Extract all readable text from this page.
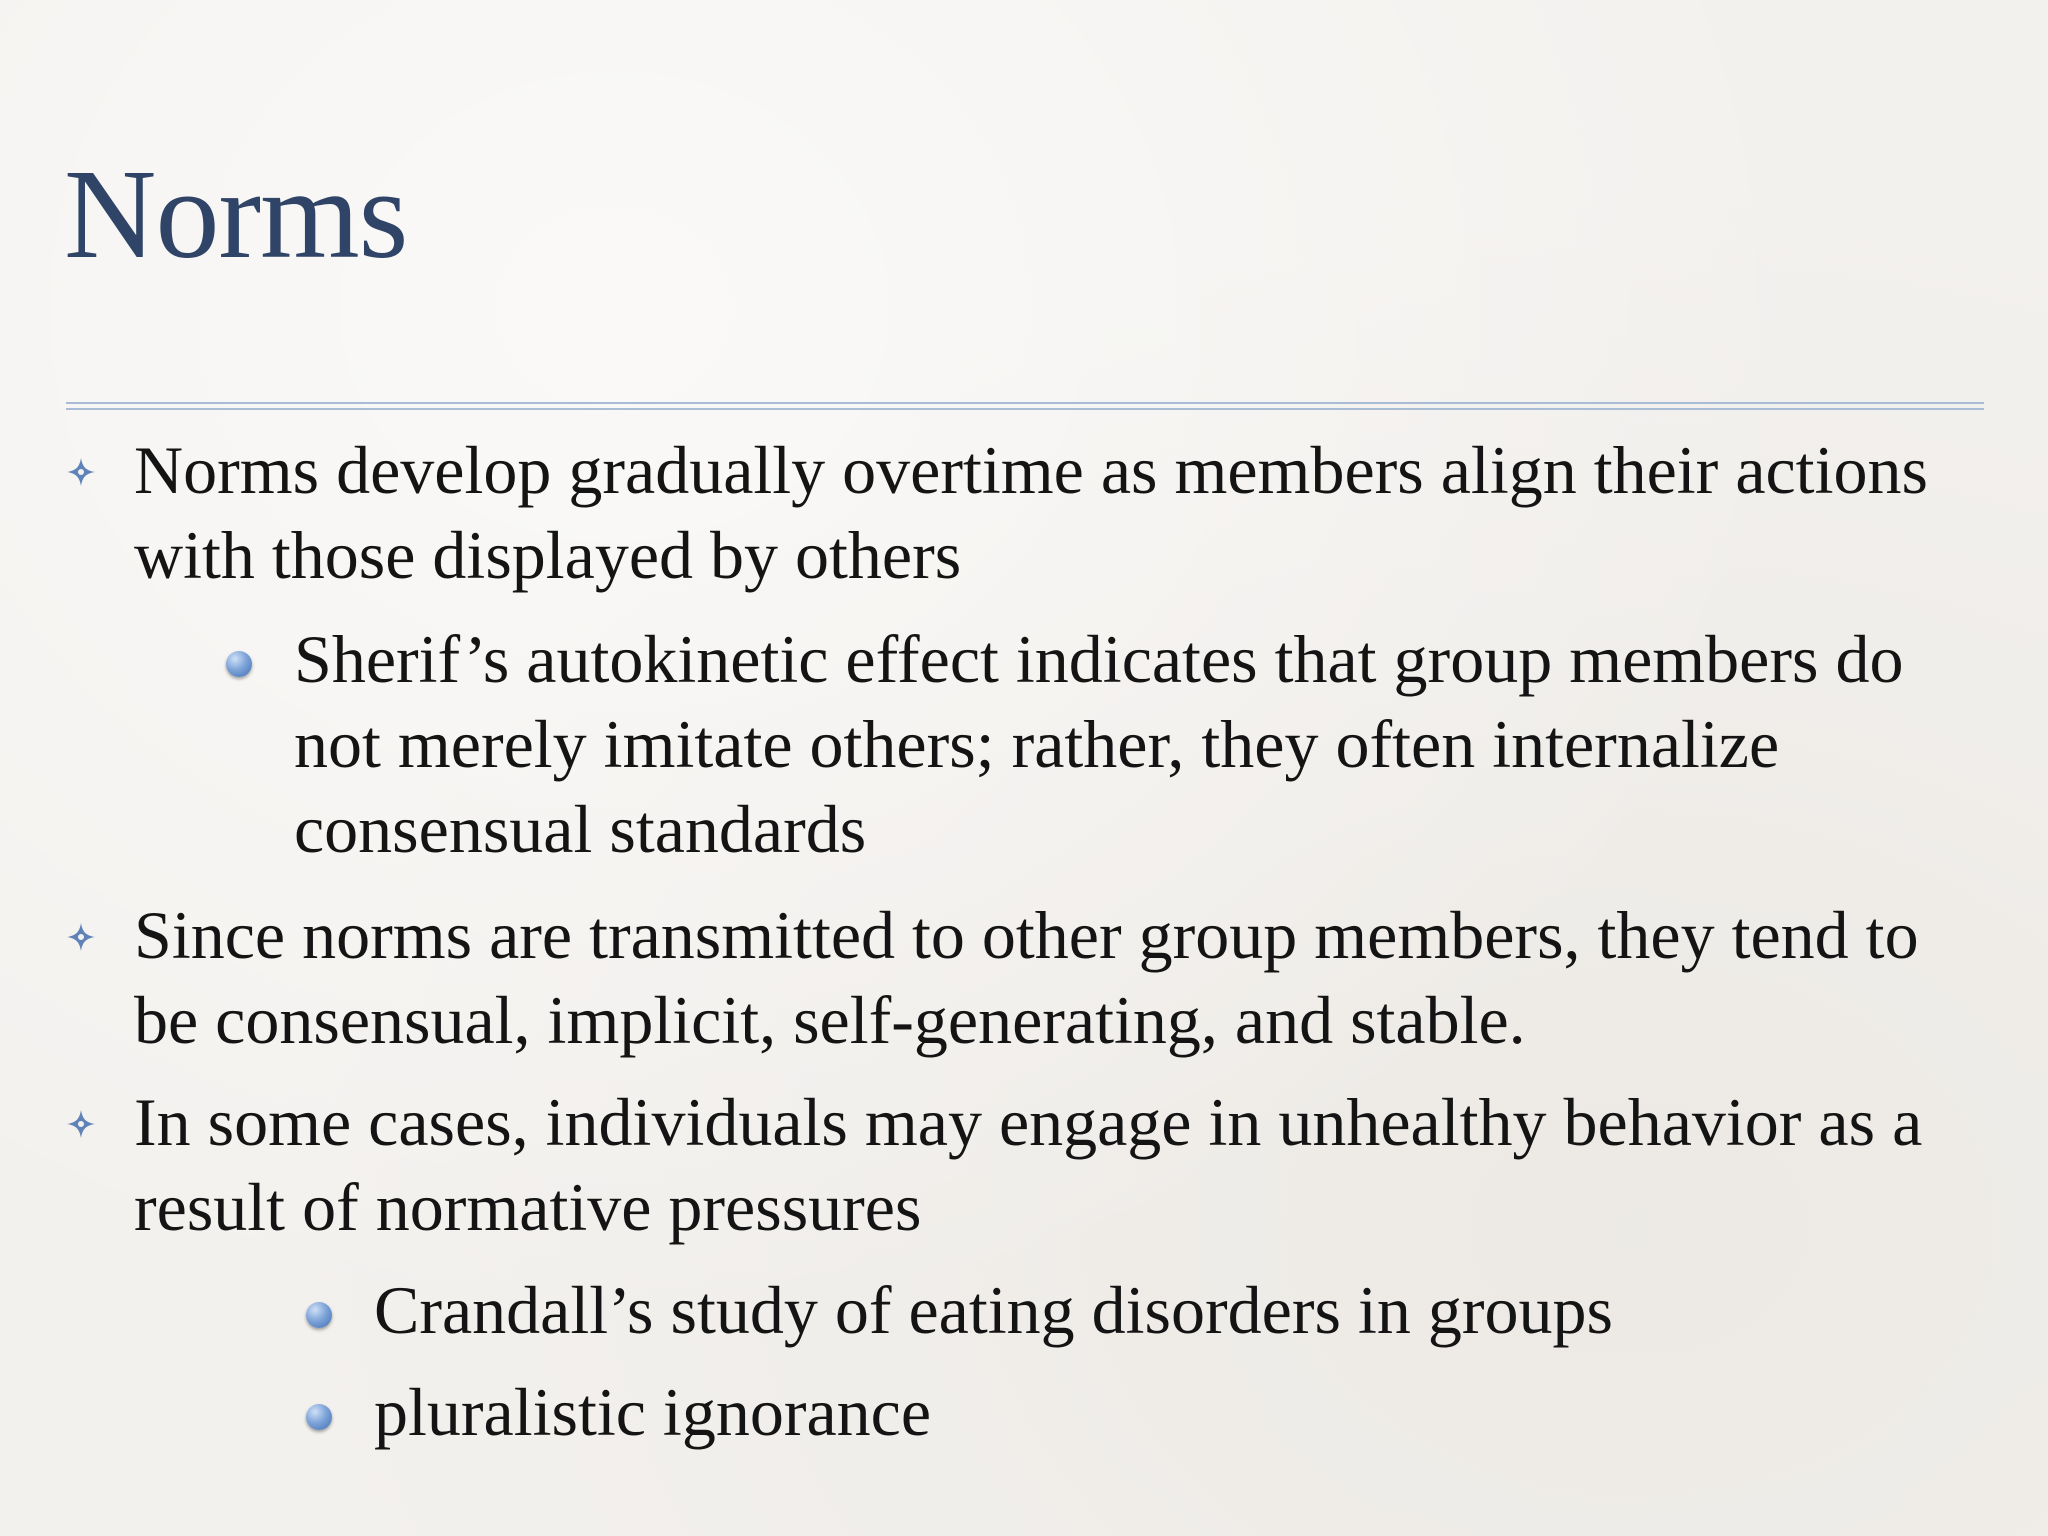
Norms

Norms develop gradually overtime as members align their actions with those displayed by others

Sherif’s autokinetic effect indicates that group members do not merely imitate others; rather, they often internalize consensual standards

Since norms are transmitted to other group members, they tend to be consensual, implicit, self-generating, and stable.

In some cases, individuals may engage in unhealthy behavior as a result of normative pressures

Crandall’s study of eating disorders in groups

pluralistic ignorance
